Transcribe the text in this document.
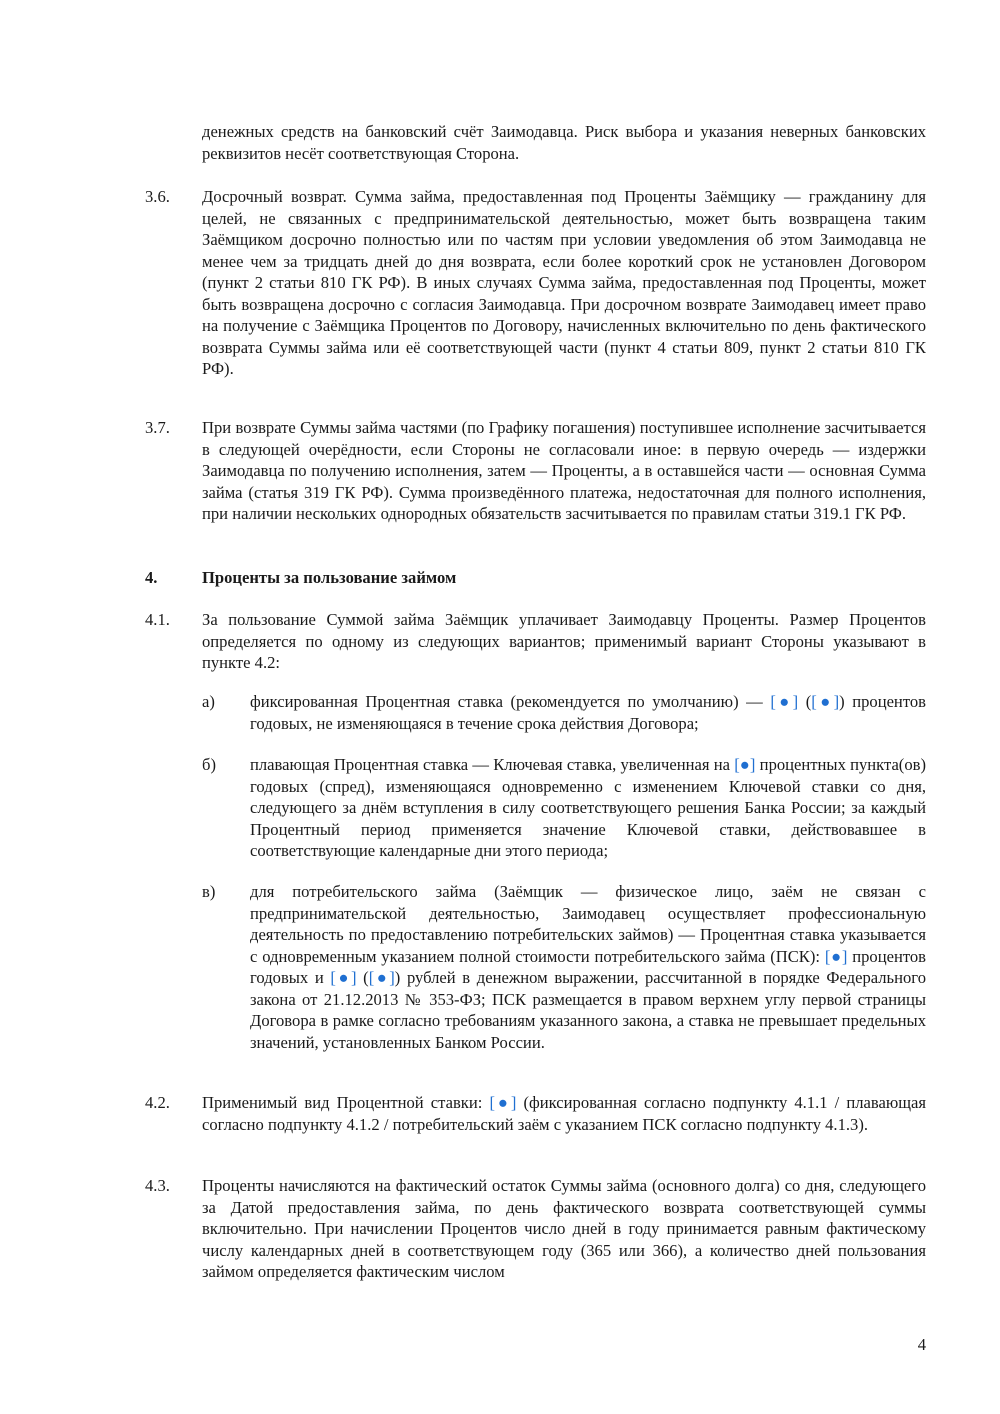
денежных средств на банковский счёт Заимодавца. Риск выбора и указания неверных банковских реквизитов несёт соответствующая Сторона.
3.6. Досрочный возврат. Сумма займа, предоставленная под Проценты Заёмщику — гражданину для целей, не связанных с предпринимательской деятельностью, может быть возвращена таким Заёмщиком досрочно полностью или по частям при условии уведомления об этом Заимодавца не менее чем за тридцать дней до дня возврата, если более короткий срок не установлен Договором (пункт 2 статьи 810 ГК РФ). В иных случаях Сумма займа, предоставленная под Проценты, может быть возвращена досрочно с согласия Заимодавца. При досрочном возврате Заимодавец имеет право на получение с Заёмщика Процентов по Договору, начисленных включительно по день фактического возврата Суммы займа или её соответствующей части (пункт 4 статьи 809, пункт 2 статьи 810 ГК РФ).
3.7. При возврате Суммы займа частями (по Графику погашения) поступившее исполнение засчитывается в следующей очерёдности, если Стороны не согласовали иное: в первую очередь — издержки Заимодавца по получению исполнения, затем — Проценты, а в оставшейся части — основная Сумма займа (статья 319 ГК РФ). Сумма произведённого платежа, недостаточная для полного исполнения, при наличии нескольких однородных обязательств засчитывается по правилам статьи 319.1 ГК РФ.
4.	Проценты за пользование займом
4.1. За пользование Суммой займа Заёмщик уплачивает Заимодавцу Проценты. Размер Процентов определяется по одному из следующих вариантов; применимый вариант Стороны указывают в пункте 4.2:
а) фиксированная Процентная ставка (рекомендуется по умолчанию) — [●] ([●]) процентов годовых, не изменяющаяся в течение срока действия Договора;
б) плавающая Процентная ставка — Ключевая ставка, увеличенная на [●] процентных пункта(ов) годовых (спред), изменяющаяся одновременно с изменением Ключевой ставки со дня, следующего за днём вступления в силу соответствующего решения Банка России; за каждый Процентный период применяется значение Ключевой ставки, действовавшее в соответствующие календарные дни этого периода;
в) для потребительского займа (Заёмщик — физическое лицо, заём не связан с предпринимательской деятельностью, Заимодавец осуществляет профессиональную деятельность по предоставлению потребительских займов) — Процентная ставка указывается с одновременным указанием полной стоимости потребительского займа (ПСК): [●] процентов годовых и [●] ([●]) рублей в денежном выражении, рассчитанной в порядке Федерального закона от 21.12.2013 № 353-ФЗ; ПСК размещается в правом верхнем углу первой страницы Договора в рамке согласно требованиям указанного закона, а ставка не превышает предельных значений, установленных Банком России.
4.2. Применимый вид Процентной ставки: [●] (фиксированная согласно подпункту 4.1.1 / плавающая согласно подпункту 4.1.2 / потребительский заём с указанием ПСК согласно подпункту 4.1.3).
4.3. Проценты начисляются на фактический остаток Суммы займа (основного долга) со дня, следующего за Датой предоставления займа, по день фактического возврата соответствующей суммы включительно. При начислении Процентов число дней в году принимается равным фактическому числу календарных дней в соответствующем году (365 или 366), а количество дней пользования займом определяется фактическим числом
4
